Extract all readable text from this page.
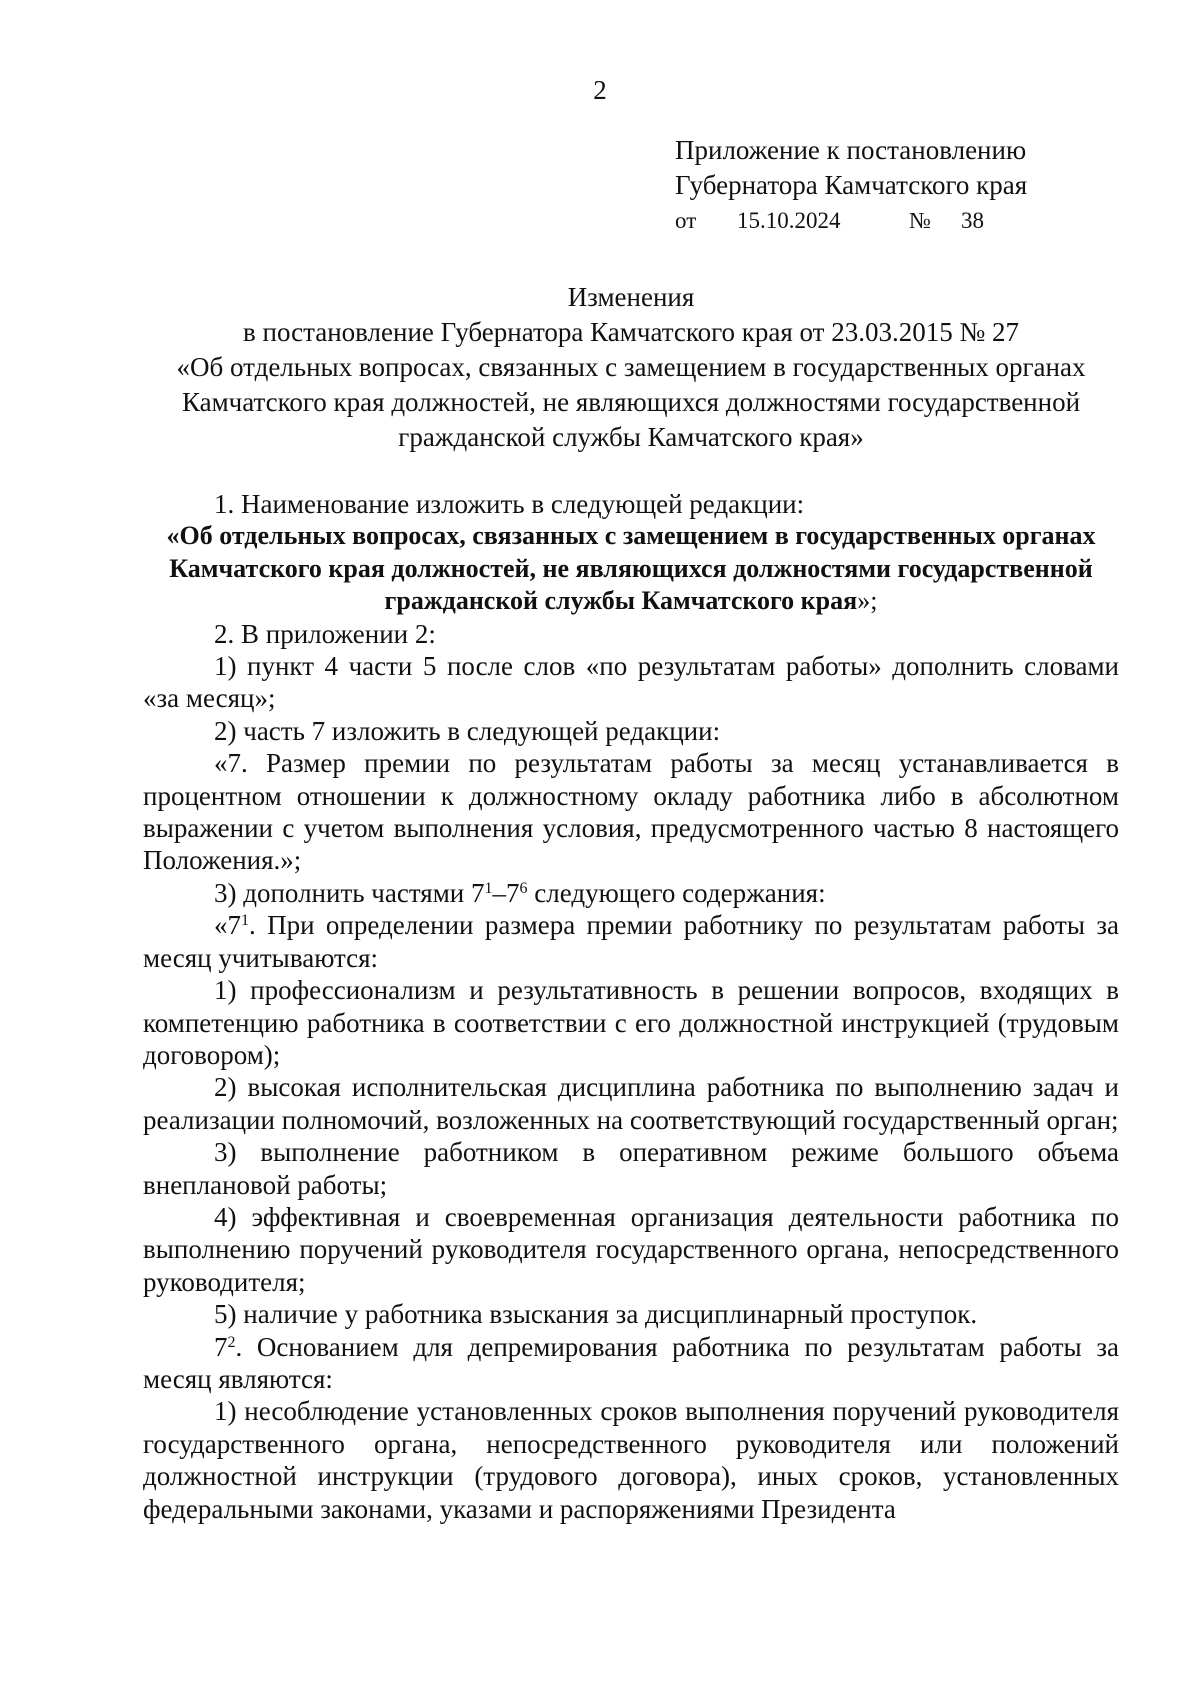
2
Приложение к постановлению
Губернатора Камчатского края
от 15.10.2024	№ 38
Изменения
в постановление Губернатора Камчатского края от 23.03.2015 № 27
«Об отдельных вопросах, связанных с замещением в государственных органах
Камчатского края должностей, не являющихся должностями государственной
гражданской службы Камчатского края»

1. Наименование изложить в следующей редакции:

«Об отдельных вопросах, связанных с замещением в государственных органах Камчатского края должностей, не являющихся должностями государственной гражданской службы Камчатского края»;

2. В приложении 2:

1) пункт 4 части 5 после слов «по результатам работы» дополнить словами «за месяц»;

2) часть 7 изложить в следующей редакции:

«7. Размер премии по результатам работы за месяц устанавливается в процентном отношении к должностному окладу работника либо в абсолютном выражении с учетом выполнения условия, предусмотренного частью 8 настоящего Положения.»;

3) дополнить частями $7^1-7^6$ следующего содержания:

«$7^1$. При определении размера премии работнику по результатам работы за месяц учитываются:

1) профессионализм и результативность в решении вопросов, входящих в компетенцию работника в соответствии с его должностной инструкцией (трудовым договором);

2) высокая исполнительская дисциплина работника по выполнению задач и реализации полномочий, возложенных на соответствующий государственный орган;

3) выполнение работником в оперативном режиме большого объема внеплановой работы;

4) эффективная и своевременная организация деятельности работника по выполнению поручений руководителя государственного органа, непосредственного руководителя;

5) наличие у работника взыскания за дисциплинарный проступок.

$7^2$. Основанием для депремирования работника по результатам работы за месяц являются:

1) несоблюдение установленных сроков выполнения поручений руководителя государственного органа, непосредственного руководителя или положений должностной инструкции (трудового договора), иных сроков, установленных федеральными законами, указами и распоряжениями Президента
